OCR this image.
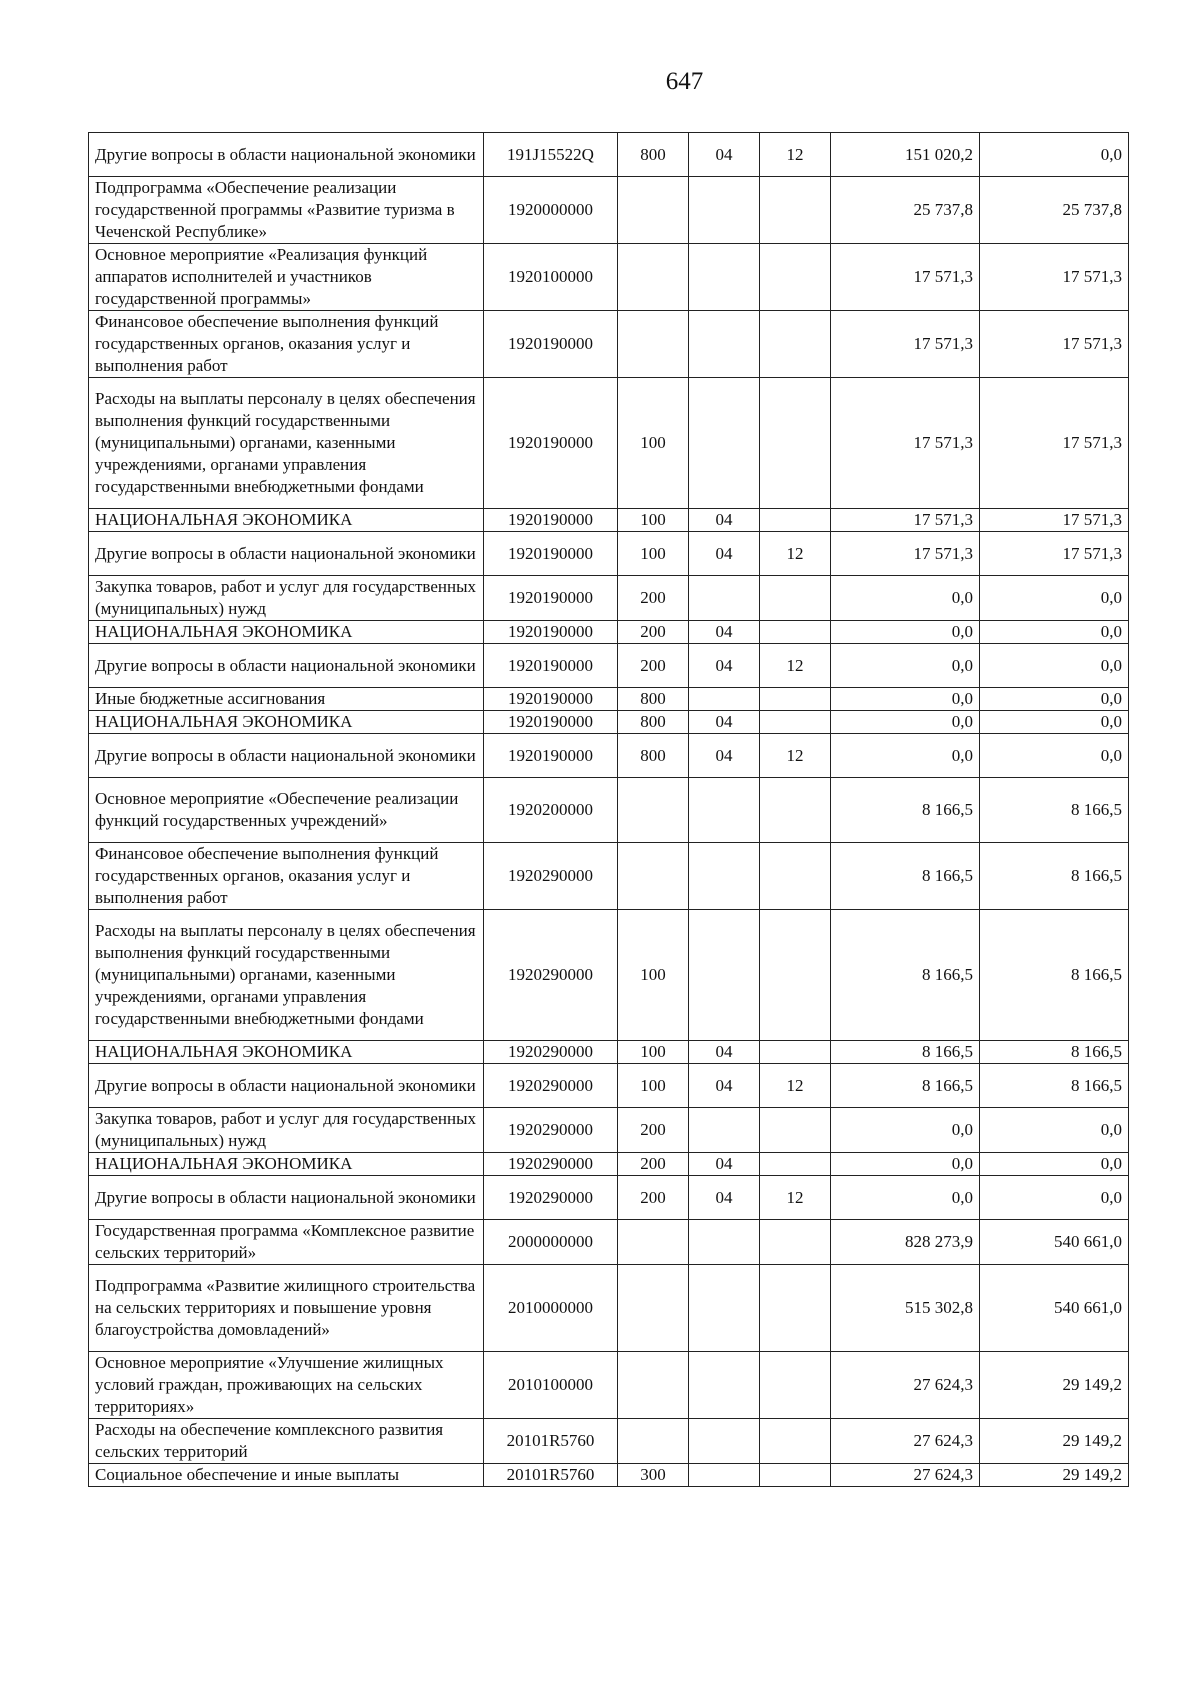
647
Другие вопросы в области национальной экономики	191J15522Q	800	04	12	151 020,2	0,0
Подпрограмма «Обеспечение реализации государственной программы «Развитие туризма в Чеченской Республике»	1920000000				25 737,8	25 737,8
Основное мероприятие «Реализация функций аппаратов исполнителей и участников государственной программы»	1920100000				17 571,3	17 571,3
Финансовое обеспечение выполнения функций государственных органов, оказания услуг и выполнения работ	1920190000				17 571,3	17 571,3
Расходы на выплаты персоналу в целях обеспечения выполнения функций государственными (муниципальными) органами, казенными учреждениями, органами управления государственными внебюджетными фондами	1920190000	100			17 571,3	17 571,3
НАЦИОНАЛЬНАЯ ЭКОНОМИКА	1920190000	100	04		17 571,3	17 571,3
Другие вопросы в области национальной экономики	1920190000	100	04	12	17 571,3	17 571,3
Закупка товаров, работ и услуг для государственных (муниципальных) нужд	1920190000	200			0,0	0,0
НАЦИОНАЛЬНАЯ ЭКОНОМИКА	1920190000	200	04		0,0	0,0
Другие вопросы в области национальной экономики	1920190000	200	04	12	0,0	0,0
Иные бюджетные ассигнования	1920190000	800			0,0	0,0
НАЦИОНАЛЬНАЯ ЭКОНОМИКА	1920190000	800	04		0,0	0,0
Другие вопросы в области национальной экономики	1920190000	800	04	12	0,0	0,0
Основное мероприятие «Обеспечение реализации функций государственных учреждений»	1920200000				8 166,5	8 166,5
Финансовое обеспечение выполнения функций государственных органов, оказания услуг и выполнения работ	1920290000				8 166,5	8 166,5
Расходы на выплаты персоналу в целях обеспечения выполнения функций государственными (муниципальными) органами, казенными учреждениями, органами управления государственными внебюджетными фондами	1920290000	100			8 166,5	8 166,5
НАЦИОНАЛЬНАЯ ЭКОНОМИКА	1920290000	100	04		8 166,5	8 166,5
Другие вопросы в области национальной экономики	1920290000	100	04	12	8 166,5	8 166,5
Закупка товаров, работ и услуг для государственных (муниципальных) нужд	1920290000	200			0,0	0,0
НАЦИОНАЛЬНАЯ ЭКОНОМИКА	1920290000	200	04		0,0	0,0
Другие вопросы в области национальной экономики	1920290000	200	04	12	0,0	0,0
Государственная программа «Комплексное развитие сельских территорий»	2000000000				828 273,9	540 661,0
Подпрограмма «Развитие жилищного строительства на сельских территориях и повышение уровня благоустройства домовладений»	2010000000				515 302,8	540 661,0
Основное мероприятие «Улучшение жилищных условий граждан, проживающих на сельских территориях»	2010100000				27 624,3	29 149,2
Расходы на обеспечение комплексного развития сельских территорий	20101R5760				27 624,3	29 149,2
Социальное обеспечение и иные выплаты	20101R5760	300			27 624,3	29 149,2
